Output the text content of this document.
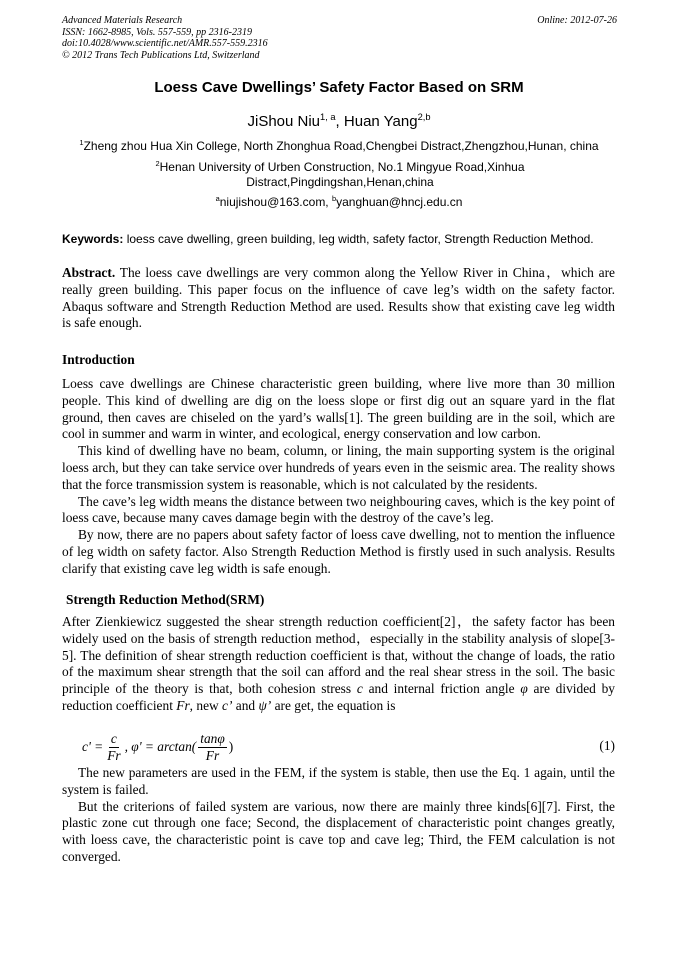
Advanced Materials Research
ISSN: 1662-8985, Vols. 557-559, pp 2316-2319
doi:10.4028/www.scientific.net/AMR.557-559.2316
© 2012 Trans Tech Publications Ltd, Switzerland
Online: 2012-07-26
Loess Cave Dwellings’ Safety Factor Based on SRM
JiShou Niu$^{1, a}$, Huan Yang$^{2,b}$
$^1$Zheng zhou Hua Xin College, North Zhonghua Road,Chengbei Distract,Zhengzhou,Hunan, china
$^2$Henan University of Urben Construction, No.1 Mingyue Road,Xinhua Distract,Pingdingshan,Henan,china
$^a$niujishou@163.com, $^b$yanghuan@hncj.edu.cn
Keywords: loess cave dwelling, green building, leg width, safety factor, Strength Reduction Method.

Abstract. The loess cave dwellings are very common along the Yellow River in China，which are really green building. This paper focus on the influence of cave leg’s width on the safety factor. Abaqus software and Strength Reduction Method are used. Results show that existing cave leg width is safe enough.

Introduction

Loess cave dwellings are Chinese characteristic green building, where live more than 30 million people. This kind of dwelling are dig on the loess slope or first dig out an square yard in the flat ground, then caves are chiseled on the yard’s walls[1]. The green building are in the soil, which are cool in summer and warm in winter, and ecological, energy conservation and low carbon.

This kind of dwelling have no beam, column, or lining, the main supporting system is the original loess arch, but they can take service over hundreds of years even in the seismic area. The reality shows that the force transmission system is reasonable, which is not calculated by the residents.

The cave’s leg width means the distance between two neighbouring caves, which is the key point of loess cave, because many caves damage begin with the destroy of the cave’s leg.

By now, there are no papers about safety factor of loess cave dwelling, not to mention the influence of leg width on safety factor. Also Strength Reduction Method is firstly used in such analysis. Results clarify that existing cave leg width is safe enough.

Strength Reduction Method(SRM)

After Zienkiewicz suggested the shear strength reduction coefficient[2]，the safety factor has been widely used on the basis of strength reduction method，especially in the stability analysis of slope[3-5]. The definition of shear strength reduction coefficient is that, without the change of loads, the ratio of the maximum shear strength that the soil can afford and the real shear stress in the soil. The basic principle of the theory is that, both cohesion stress c and internal friction angle φ are divided by reduction coefficient Fr, new c’ and ψ’ are get, the equation is

$c' = \frac{c}{Fr}$ , $\varphi' = \arctan( \frac{\tan\varphi}{Fr}$ )	(1)

The new parameters are used in the FEM, if the system is stable, then use the Eq. 1 again, until the system is failed.

But the criterions of failed system are various, now there are mainly three kinds[6][7]. First, the plastic zone cut through one face; Second, the displacement of characteristic point changes greatly, with loess cave, the characteristic point is cave top and cave leg; Third, the FEM calculation is not converged.
